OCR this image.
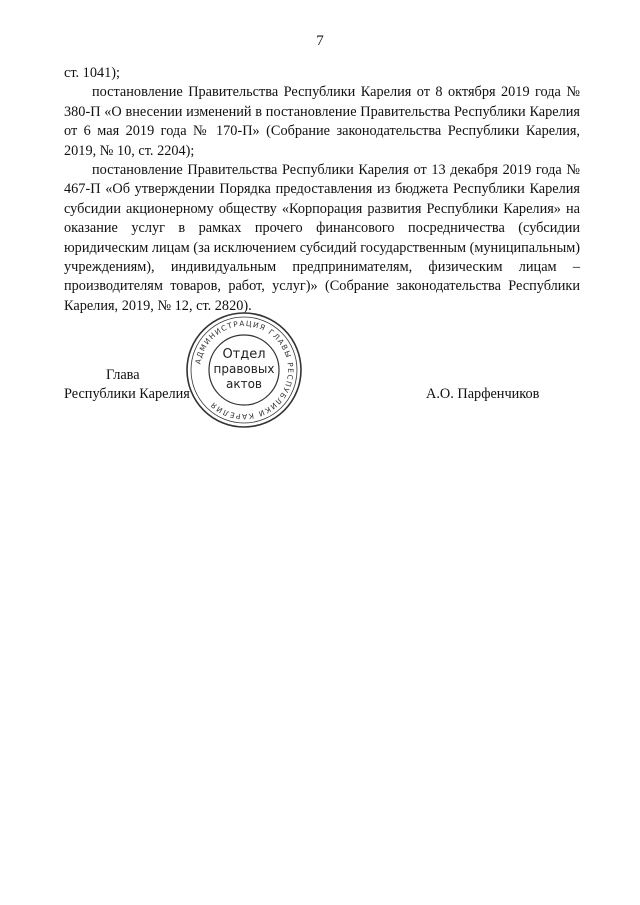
7

ст. 1041);

постановление Правительства Республики Карелия от 8 октября 2019 года № 380-П «О внесении изменений в постановление Правительства Республики Карелия от 6 мая 2019 года № 170-П» (Собрание законодательства Республики Карелия, 2019, № 10, ст. 2204);

постановление Правительства Республики Карелия от 13 декабря 2019 года № 467-П «Об утверждении Порядка предоставления из бюджета Республики Карелия субсидии акционерному обществу «Корпорация развития Республики Карелия» на оказание услуг в рамках прочего финансового посредничества (субсидии юридическим лицам (за исключением субсидий государственным (муниципальным) учреждениям), индивидуальным предпринимателям, физическим лицам – производителям товаров, работ, услуг)» (Собрание законодательства Республики Карелия, 2019, № 12, ст. 2820).

Глава
Республики Карелия	А.О. Парфенчиков
АДМИНИСТРАЦИЯ ГЛАВЫ РЕСПУБЛИКИ КАРЕЛИЯ
Отдел
правовых
актов
